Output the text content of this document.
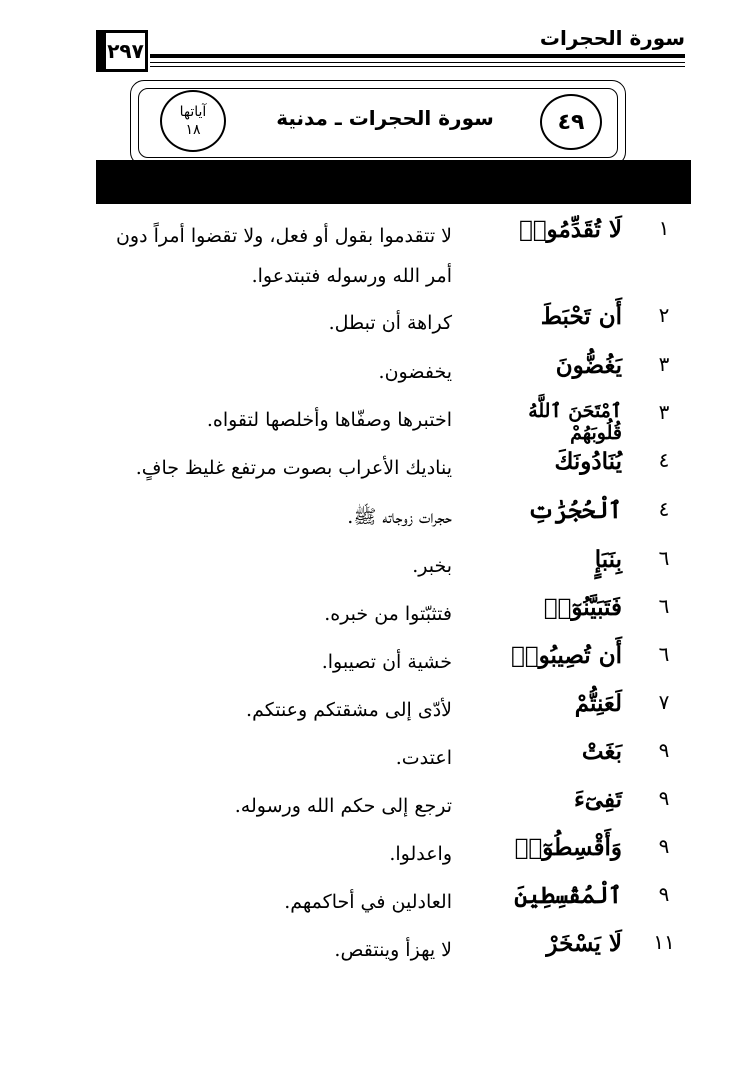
سورة الحجرات
٢٩٧
آياتها
١٨	سورة الحجرات ـ مدنية	٤٩
١
لَا تُقَدِّمُوا۟
لا تتقدموا بقول أو فعل، ولا تقضوا أمراً دون أمر الله ورسوله فتبتدعوا.
٢
أَن تَحْبَطَ
كراهة أن تبطل.
٣
يَغُضُّونَ
يخفضون.
٣
ٱمْتَحَنَ ٱللَّهُ قُلُوبَهُمْ
اختبرها وصفّاها وأخلصها لتقواه.
٤
يُنَادُونَكَ
يناديك الأعراب بصوت مرتفع غليظ جافٍ.
٤
ٱلْحُجُرَٰتِ
حجرات زوجاته ﷺ.
٦
بِنَبَإٍ
بخبر.
٦
فَتَبَيَّنُوٓا۟
فتثبّتوا من خبره.
٦
أَن تُصِيبُوا۟
خشية أن تصيبوا.
٧
لَعَنِتُّمْ
لأدّى إلى مشقتكم وعنتكم.
٩
بَغَتْ
اعتدت.
٩
تَفِىٓءَ
ترجع إلى حكم الله ورسوله.
٩
وَأَقْسِطُوٓا۟
واعدلوا.
٩
ٱلْمُقْسِطِينَ
العادلين في أحاكمهم.
١١
لَا يَسْخَرْ
لا يهزأ وينتقص.
